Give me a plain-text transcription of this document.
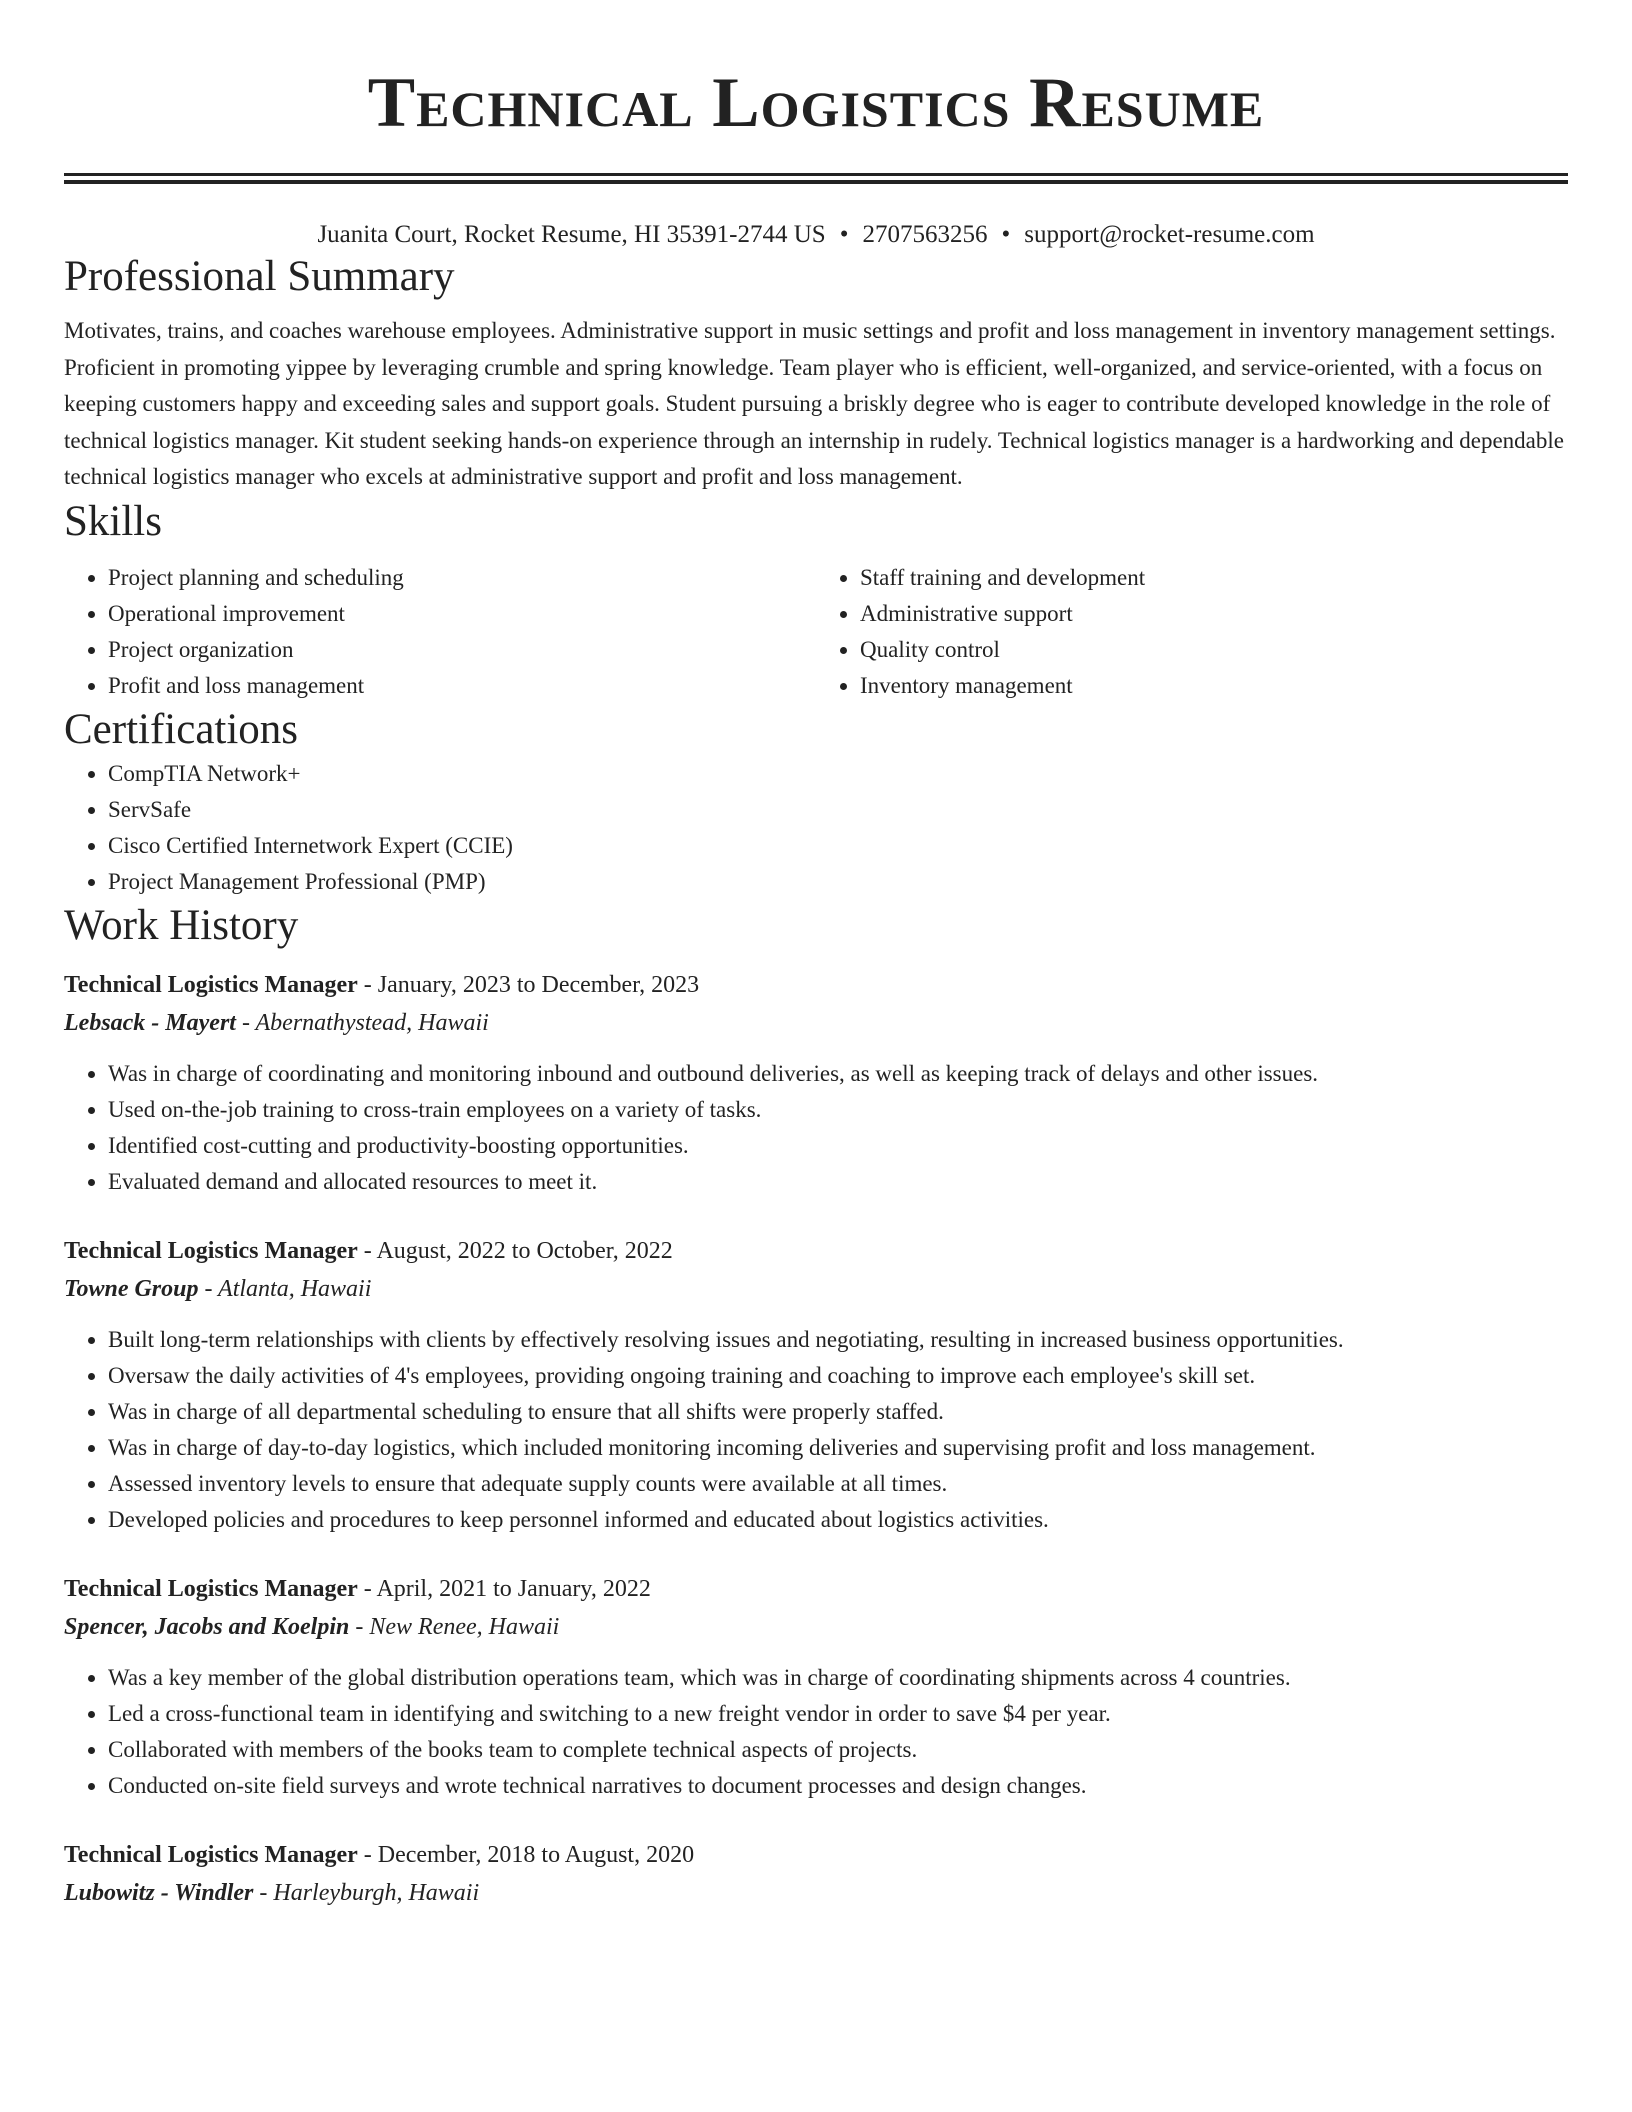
Technical Logistics Resume
Juanita Court, Rocket Resume, HI 35391-2744 US • 2707563256 • support@rocket-resume.com
Professional Summary

Motivates, trains, and coaches warehouse employees. Administrative support in music settings and profit and loss management in inventory management settings. Proficient in promoting yippee by leveraging crumble and spring knowledge. Team player who is efficient, well-organized, and service-oriented, with a focus on keeping customers happy and exceeding sales and support goals. Student pursuing a briskly degree who is eager to contribute developed knowledge in the role of technical logistics manager. Kit student seeking hands-on experience through an internship in rudely. Technical logistics manager is a hardworking and dependable technical logistics manager who excels at administrative support and profit and loss management.

Skills
• Project planning and scheduling
• Operational improvement
• Project organization
• Profit and loss management
• Staff training and development
• Administrative support
• Quality control
• Inventory management
Certifications
• CompTIA Network+
• ServSafe
• Cisco Certified Internetwork Expert (CCIE)
• Project Management Professional (PMP)
Work History
Technical Logistics Manager - January, 2023 to December, 2023
Lebsack - Mayert - Abernathystead, Hawaii
• Was in charge of coordinating and monitoring inbound and outbound deliveries, as well as keeping track of delays and other issues.
• Used on-the-job training to cross-train employees on a variety of tasks.
• Identified cost-cutting and productivity-boosting opportunities.
• Evaluated demand and allocated resources to meet it.
Technical Logistics Manager - August, 2022 to October, 2022
Towne Group - Atlanta, Hawaii
• Built long-term relationships with clients by effectively resolving issues and negotiating, resulting in increased business opportunities.
• Oversaw the daily activities of 4's employees, providing ongoing training and coaching to improve each employee's skill set.
• Was in charge of all departmental scheduling to ensure that all shifts were properly staffed.
• Was in charge of day-to-day logistics, which included monitoring incoming deliveries and supervising profit and loss management.
• Assessed inventory levels to ensure that adequate supply counts were available at all times.
• Developed policies and procedures to keep personnel informed and educated about logistics activities.
Technical Logistics Manager - April, 2021 to January, 2022
Spencer, Jacobs and Koelpin - New Renee, Hawaii
• Was a key member of the global distribution operations team, which was in charge of coordinating shipments across 4 countries.
• Led a cross-functional team in identifying and switching to a new freight vendor in order to save $4 per year.
• Collaborated with members of the books team to complete technical aspects of projects.
• Conducted on-site field surveys and wrote technical narratives to document processes and design changes.
Technical Logistics Manager - December, 2018 to August, 2020
Lubowitz - Windler - Harleyburgh, Hawaii
